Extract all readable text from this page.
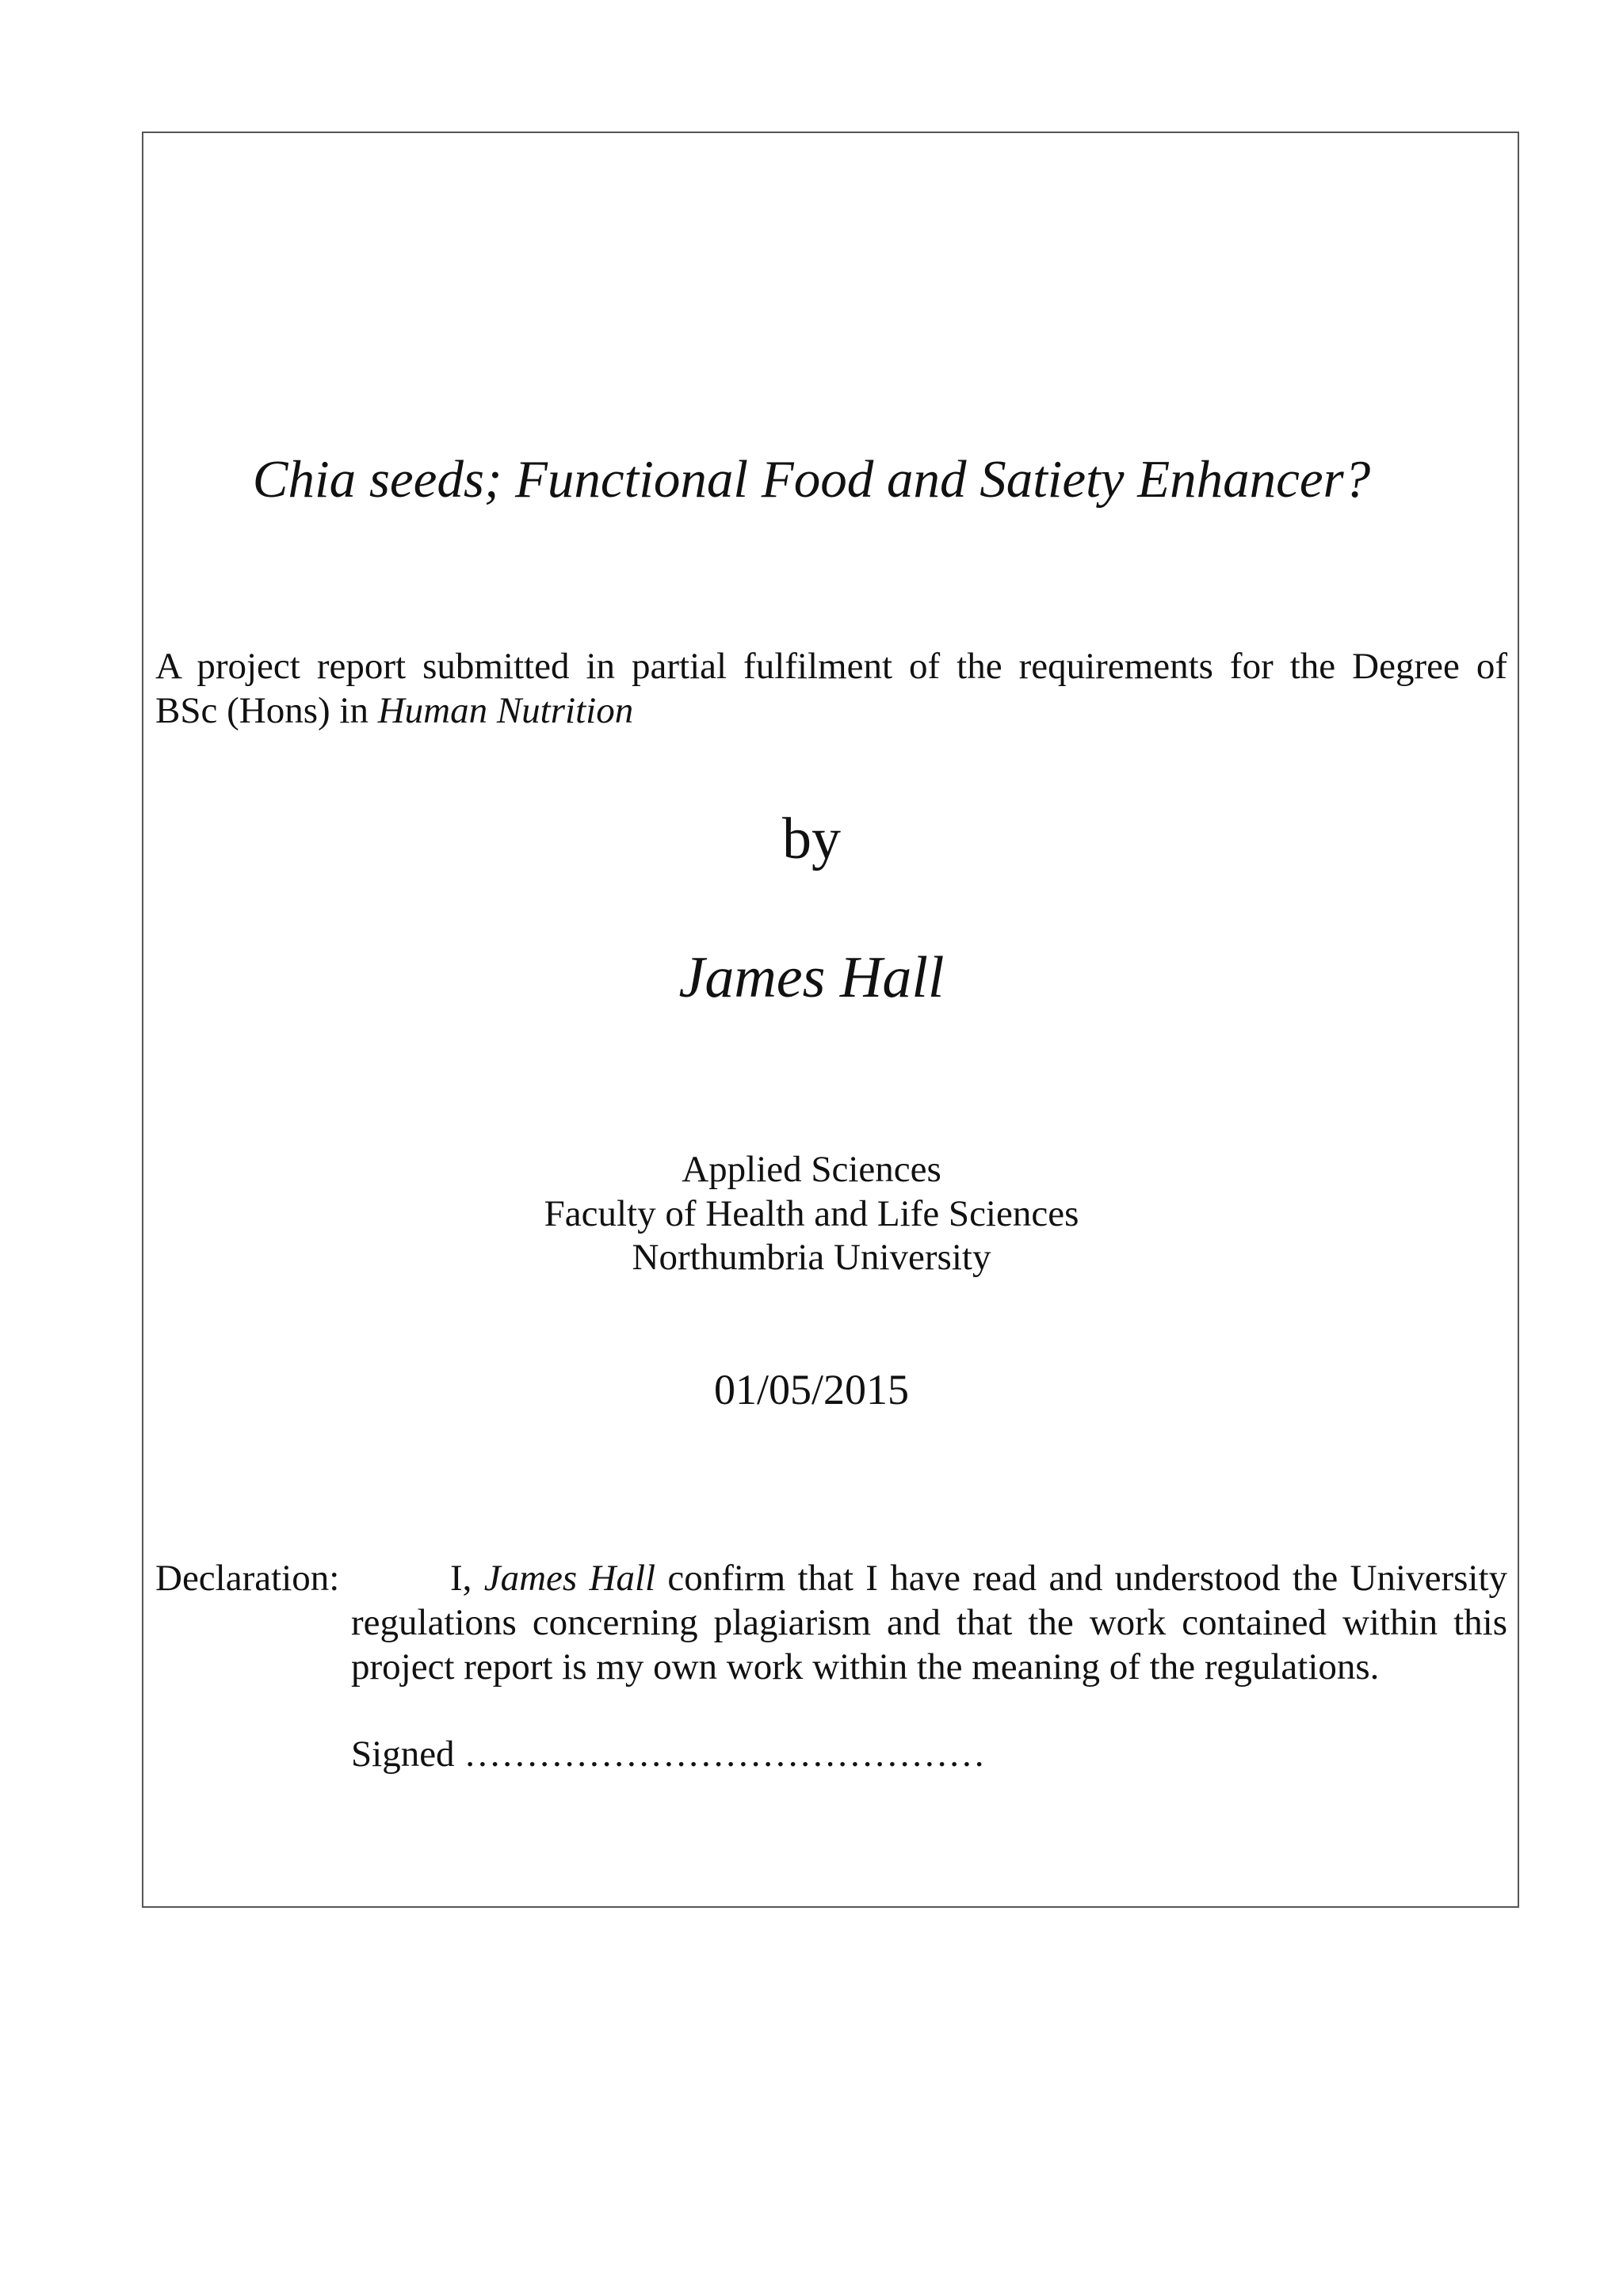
Chia seeds; Functional Food and Satiety Enhancer?
A project report submitted in partial fulfilment of the requirements for the Degree of
BSc (Hons) in Human Nutrition
by
James Hall
Applied Sciences
Faculty of Health and Life Sciences
Northumbria University
01/05/2015
Declaration:	I, James Hall confirm that I have read and understood the University
regulations concerning plagiarism and that the work contained within this
project report is my own work within the meaning of the regulations.
Signed ……………………………………
